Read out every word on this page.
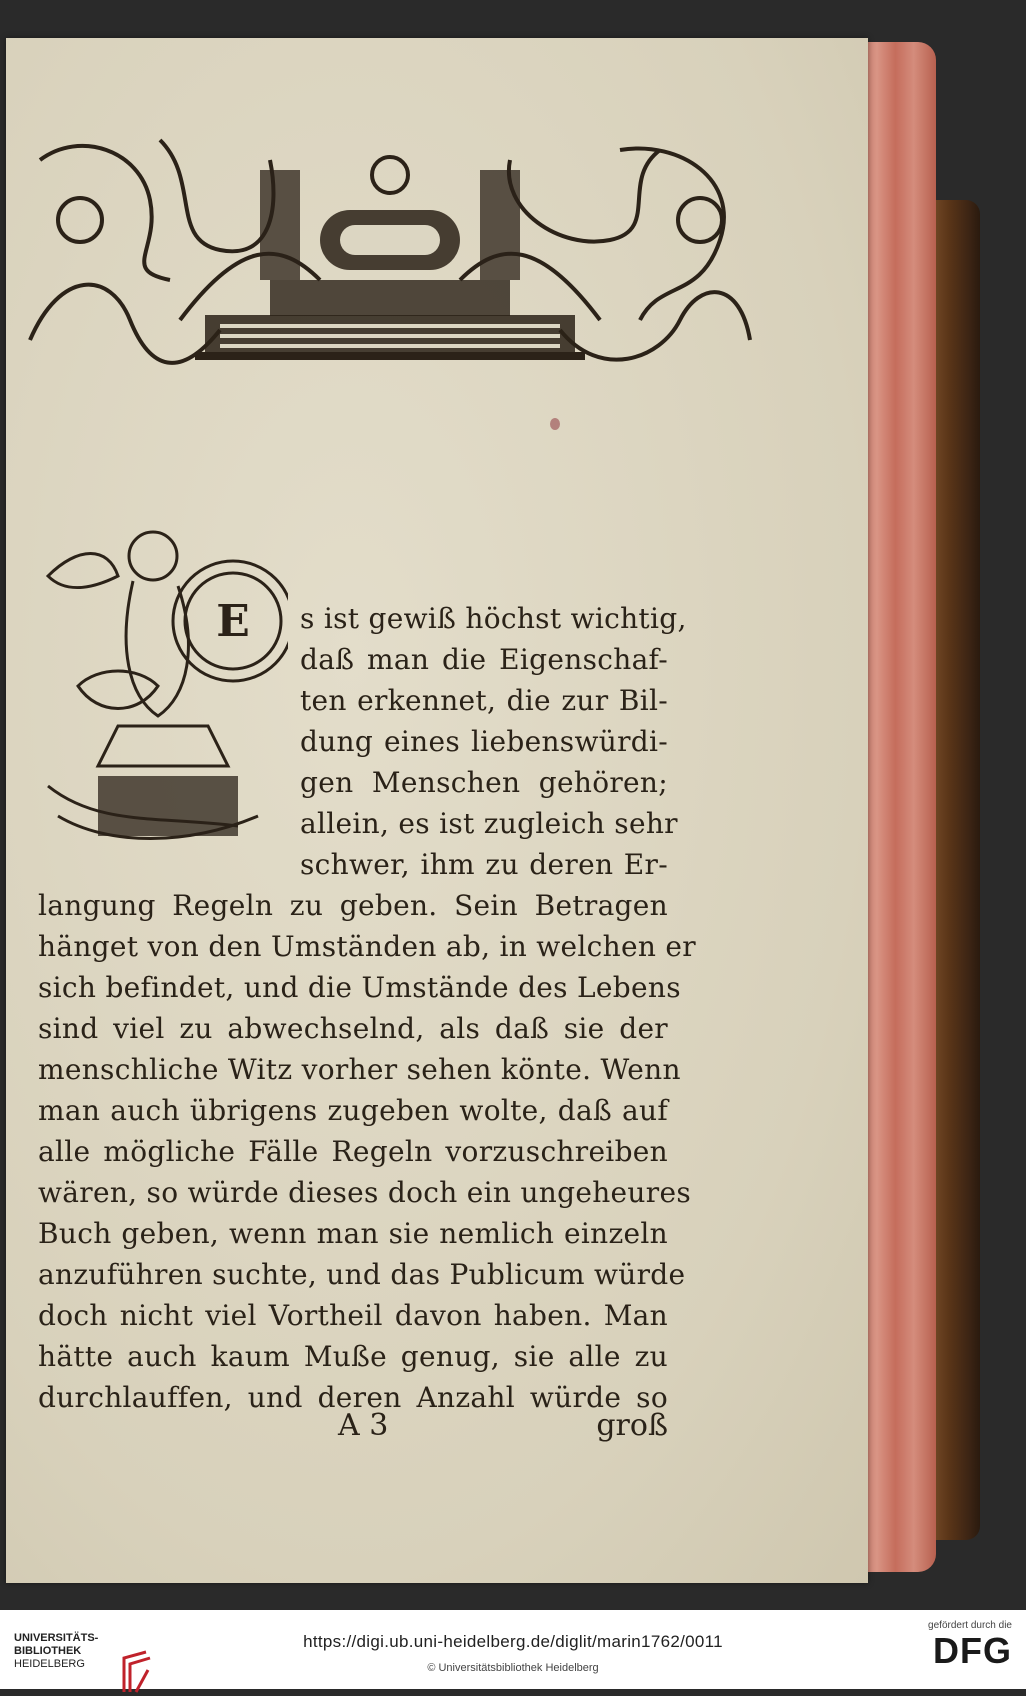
E	s ist gewiß höchst wichtig,
daß man die Eigenschaf-
ten erkennet, die zur Bil-
dung eines liebenswürdi-
gen Menschen gehören;
allein, es ist zugleich sehr
schwer, ihm zu deren Er-
langung Regeln zu geben. Sein Betragen
hänget von den Umständen ab, in welchen er
sich befindet, und die Umstände des Lebens
sind viel zu abwechselnd, als daß sie der
menschliche Witz vorher sehen könte. Wenn
man auch übrigens zugeben wolte, daß auf
alle mögliche Fälle Regeln vorzuschreiben
wären, so würde dieses doch ein ungeheures
Buch geben, wenn man sie nemlich einzeln
anzuführen suchte, und das Publicum würde
doch nicht viel Vortheil davon haben. Man
hätte auch kaum Muße genug, sie alle zu
durchlauffen, und deren Anzahl würde so
A 3	groß
UNIVERSITÄTS-
BIBLIOTHEK
HEIDELBERG
https://digi.ub.uni-heidelberg.de/diglit/marin1762/0011
© Universitätsbibliothek Heidelberg
gefördert durch die
DFG
